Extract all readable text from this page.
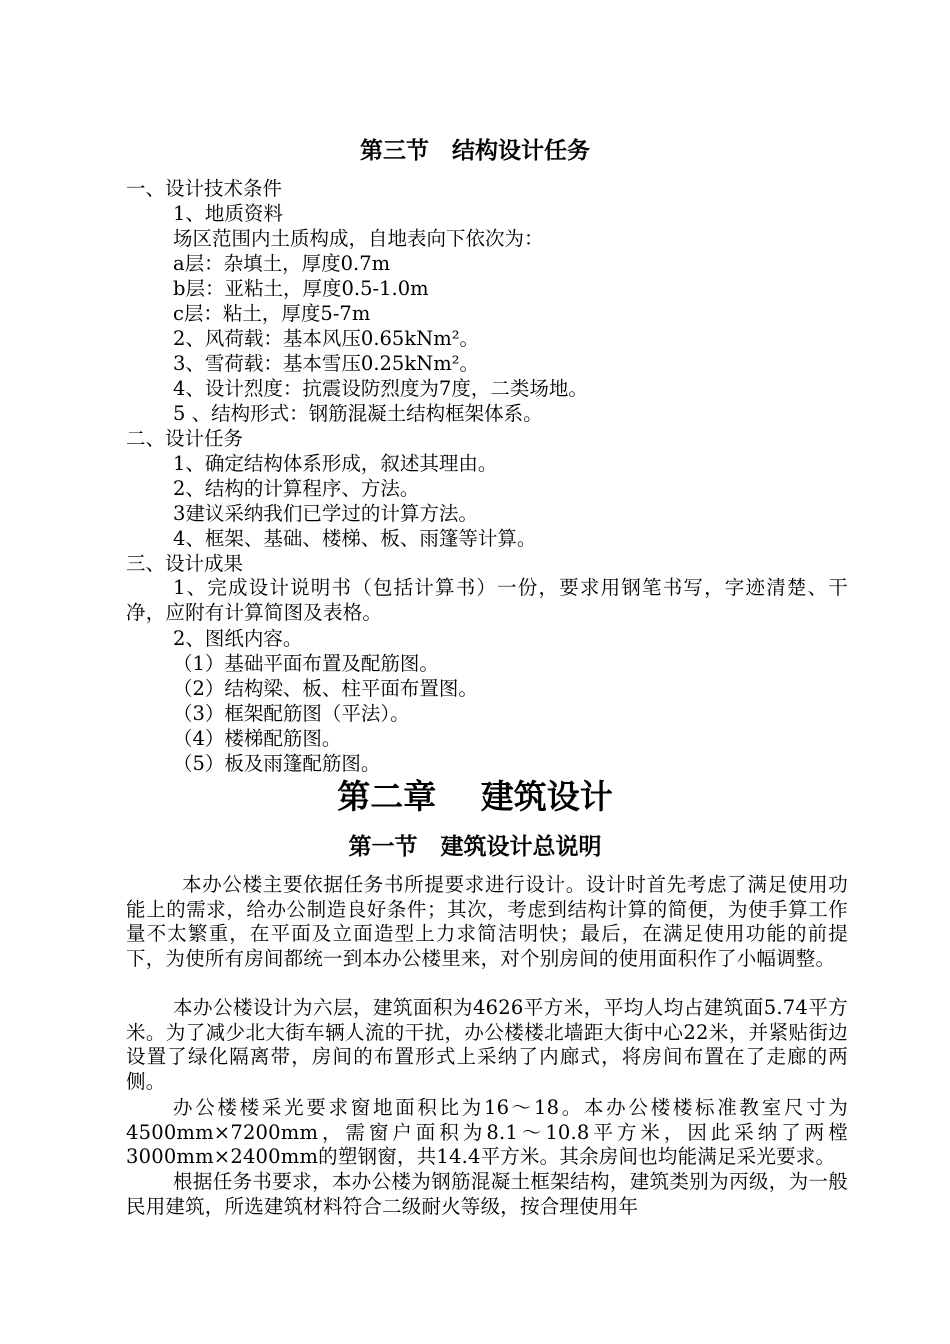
第三节　结构设计任务
一、设计技术条件
1、地质资料
场区范围内土质构成，自地表向下依次为：
a层：杂填土，厚度0.7m
b层：亚粘土，厚度0.5-1.0m
c层：粘土，厚度5-7m
2、风荷载：基本风压0.65kNm²。
3、雪荷载：基本雪压0.25kNm²。
4、设计烈度：抗震设防烈度为7度，二类场地。
5 、结构形式：钢筋混凝土结构框架体系。
二、设计任务
1、确定结构体系形成，叙述其理由。
2、结构的计算程序、方法。
3建议采纳我们已学过的计算方法。
4、框架、基础、楼梯、板、雨篷等计算。
三、设计成果
1、完成设计说明书（包括计算书）一份，要求用钢笔书写，字迹清楚、干净，应附有计算简图及表格。
2、图纸内容。
（1）基础平面布置及配筋图。
（2）结构梁、板、柱平面布置图。
（3）框架配筋图（平法）。
（4）楼梯配筋图。
（5）板及雨篷配筋图。
第二章　 建筑设计
第一节　建筑设计总说明
本办公楼主要依据任务书所提要求进行设计。设计时首先考虑了满足使用功能上的需求，给办公制造良好条件；其次，考虑到结构计算的简便，为使手算工作量不太繁重，在平面及立面造型上力求简洁明快；最后，在满足使用功能的前提下，为使所有房间都统一到本办公楼里来，对个别房间的使用面积作了小幅调整。
本办公楼设计为六层，建筑面积为4626平方米，平均人均占建筑面5.74平方米。为了减少北大街车辆人流的干扰，办公楼楼北墙距大街中心22米，并紧贴街边设置了绿化隔离带，房间的布置形式上采纳了内廊式，将房间布置在了走廊的两侧。
办公楼楼采光要求窗地面积比为16～18。本办公楼楼标准教室尺寸为4500mm×7200mm，需窗户面积为8.1～10.8平方米，因此采纳了两樘3000mm×2400mm的塑钢窗，共14.4平方米。其余房间也均能满足采光要求。
根据任务书要求，本办公楼为钢筋混凝土框架结构，建筑类别为丙级，为一般民用建筑，所选建筑材料符合二级耐火等级，按合理使用年
